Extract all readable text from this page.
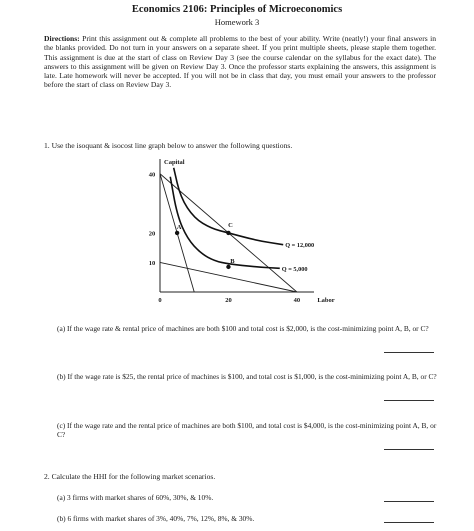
Economics 2106: Principles of Microeconomics
Homework 3
Directions: Print this assignment out & complete all problems to the best of your ability. Write (neatly!) your final answers in the blanks provided. Do not turn in your answers on a separate sheet. If you print multiple sheets, please staple them together. This assignment is due at the start of class on Review Day 3 (see the course calendar on the syllabus for the exact date). The answers to this assignment will be given on Review Day 3. Once the professor starts explaining the answers, this assignment is late. Late homework will never be accepted. If you will not be in class that day, you must email your answers to the professor before the start of class on Review Day 3.
1. Use the isoquant & isocost line graph below to answer the following questions.
Capital
Labor
10
20
40
0	20	40
Q = 12,000
Q = 5,000
A
B
C
(a) If the wage rate & rental price of machines are both $100 and total cost is $2,000, is the cost-minimizing point A, B, or C?
(b) If the wage rate is $25, the rental price of machines is $100, and total cost is $1,000, is the cost-minimizing point A, B, or C?
(c) If the wage rate and the rental price of machines are both $100, and total cost is $4,000, is the cost-minimizing point A, B, or C?
2. Calculate the HHI for the following market scenarios.
(a) 3 firms with market shares of 60%, 30%, & 10%.
(b) 6 firms with market shares of 3%, 40%, 7%, 12%, 8%, & 30%.
